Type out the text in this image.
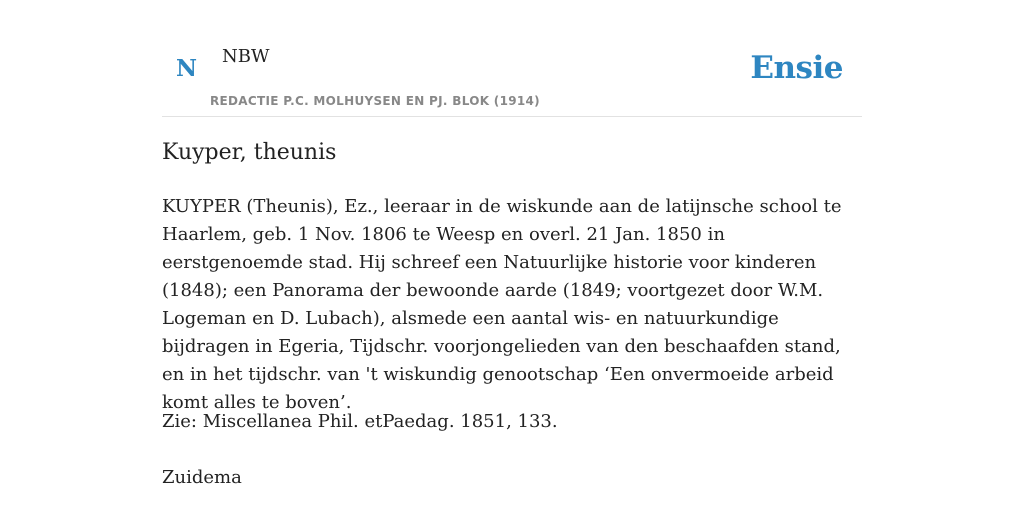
N NBW
REDACTIE P.C. MOLHUYSEN EN PJ. BLOK (1914)
Ensie
Kuyper, theunis

KUYPER (Theunis), Ez., leeraar in de wiskunde aan de latijnsche school te Haarlem, geb. 1 Nov. 1806 te Weesp en overl. 21 Jan. 1850 in eerstgenoemde stad. Hij schreef een Natuurlijke historie voor kinderen (1848); een Panorama der bewoonde aarde (1849; voortgezet door W.M. Logeman en D. Lubach), alsmede een aantal wis- en natuurkundige bijdragen in Egeria, Tijdschr. voorjongelieden van den beschaafden stand, en in het tijdschr. van 't wiskundig genootschap ‘Een onvermoeide arbeid komt alles te boven’.

Zie: Miscellanea Phil. etPaedag. 1851, 133.

Zuidema
